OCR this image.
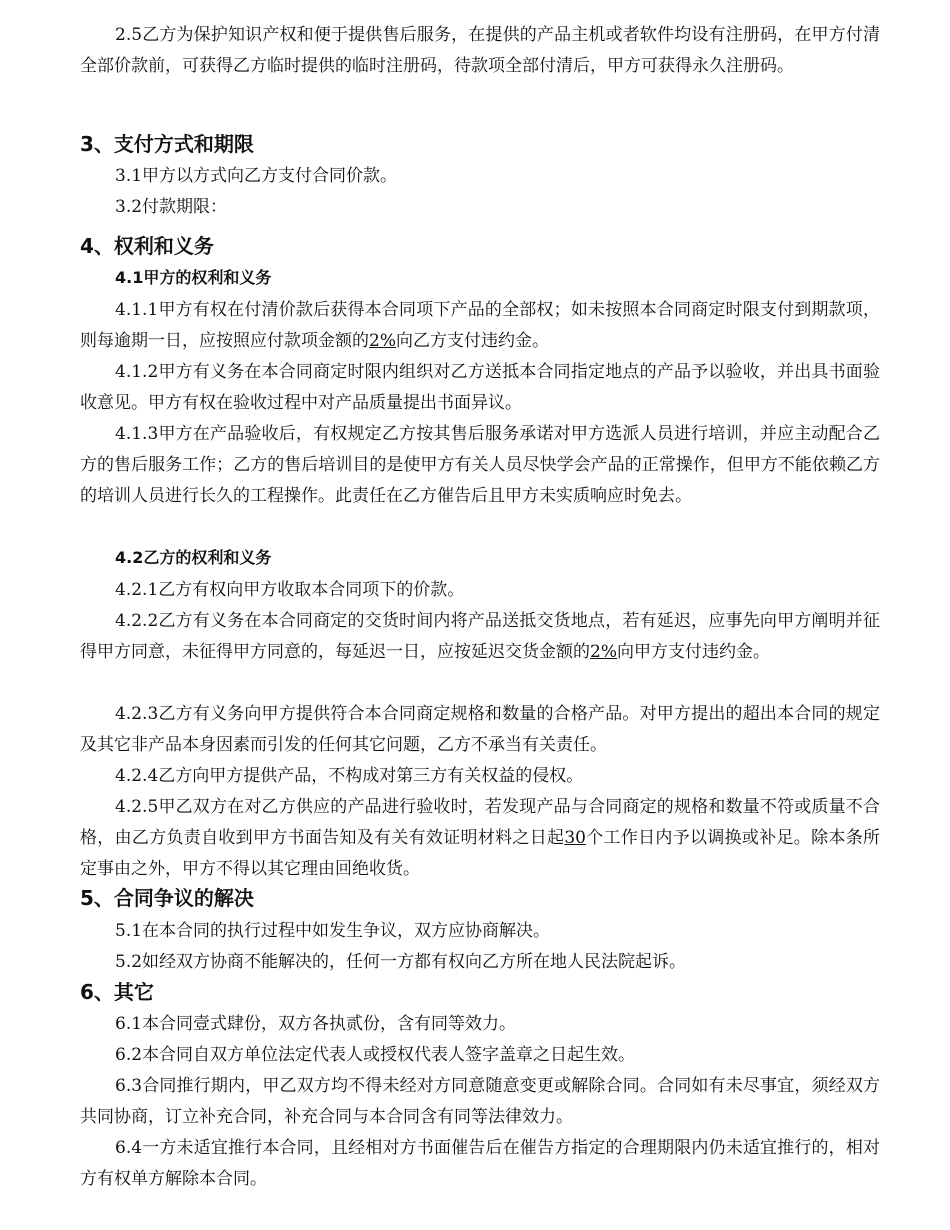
2.5乙方为保护知识产权和便于提供售后服务，在提供的产品主机或者软件均设有注册码，在甲方付清全部价款前，可获得乙方临时提供的临时注册码，待款项全部付清后，甲方可获得永久注册码。

3、支付方式和期限

3.1甲方以方式向乙方支付合同价款。

3.2付款期限：

4、权利和义务
4.1甲方的权利和义务

4.1.1甲方有权在付清价款后获得本合同项下产品的全部权；如未按照本合同商定时限支付到期款项，则每逾期一日，应按照应付款项金额的2%向乙方支付违约金。

4.1.2甲方有义务在本合同商定时限内组织对乙方送抵本合同指定地点的产品予以验收，并出具书面验收意见。甲方有权在验收过程中对产品质量提出书面异议。

4.1.3甲方在产品验收后，有权规定乙方按其售后服务承诺对甲方选派人员进行培训，并应主动配合乙方的售后服务工作；乙方的售后培训目的是使甲方有关人员尽快学会产品的正常操作，但甲方不能依赖乙方的培训人员进行长久的工程操作。此责任在乙方催告后且甲方未实质响应时免去。

4.2乙方的权利和义务

4.2.1乙方有权向甲方收取本合同项下的价款。

4.2.2乙方有义务在本合同商定的交货时间内将产品送抵交货地点，若有延迟，应事先向甲方阐明并征得甲方同意，未征得甲方同意的，每延迟一日，应按延迟交货金额的2%向甲方支付违约金。

4.2.3乙方有义务向甲方提供符合本合同商定规格和数量的合格产品。对甲方提出的超出本合同的规定及其它非产品本身因素而引发的任何其它问题，乙方不承当有关责任。

4.2.4乙方向甲方提供产品，不构成对第三方有关权益的侵权。

4.2.5甲乙双方在对乙方供应的产品进行验收时，若发现产品与合同商定的规格和数量不符或质量不合格，由乙方负责自收到甲方书面告知及有关有效证明材料之日起30个工作日内予以调换或补足。除本条所定事由之外，甲方不得以其它理由回绝收货。

5、合同争议的解决

5.1在本合同的执行过程中如发生争议，双方应协商解决。

5.2如经双方协商不能解决的，任何一方都有权向乙方所在地人民法院起诉。

6、其它

6.1本合同壹式肆份，双方各执贰份，含有同等效力。

6.2本合同自双方单位法定代表人或授权代表人签字盖章之日起生效。

6.3合同推行期内，甲乙双方均不得未经对方同意随意变更或解除合同。合同如有未尽事宜，须经双方共同协商，订立补充合同，补充合同与本合同含有同等法律效力。

6.4一方未适宜推行本合同，且经相对方书面催告后在催告方指定的合理期限内仍未适宜推行的，相对方有权单方解除本合同。
